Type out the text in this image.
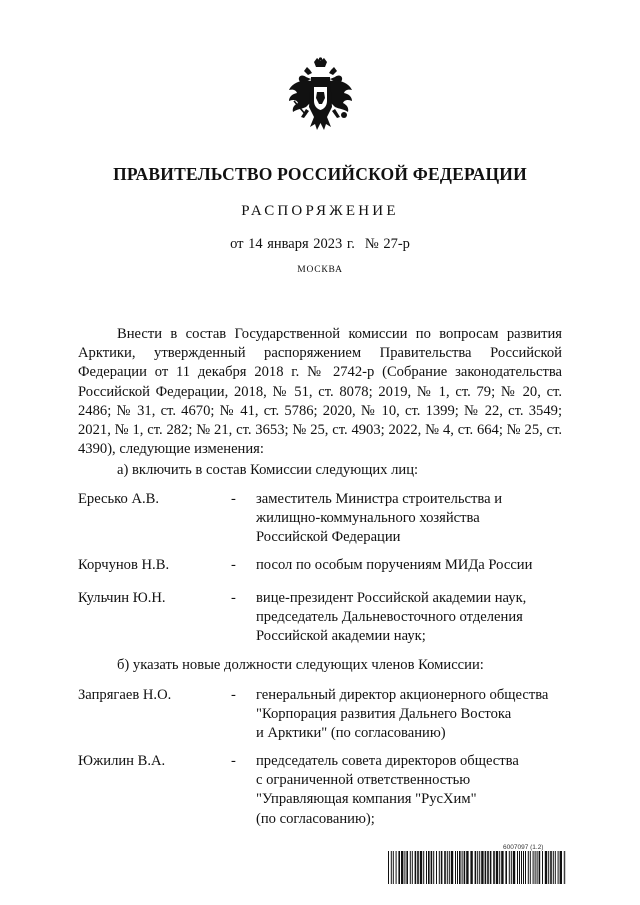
ПРАВИТЕЛЬСТВО РОССИЙСКОЙ ФЕДЕРАЦИИ
РАСПОРЯЖЕНИЕ
от 14 января 2023 г. № 27-р
МОСКВА

Внести в состав Государственной комиссии по вопросам развития Арктики, утвержденный распоряжением Правительства Российской Федерации от 11 декабря 2018 г. № 2742-р (Собрание законодательства Российской Федерации, 2018, № 51, ст. 8078; 2019, № 1, ст. 79; № 20, ст. 2486; № 31, ст. 4670; № 41, ст. 5786; 2020, № 10, ст. 1399; № 22, ст. 3549; 2021, № 1, ст. 282; № 21, ст. 3653; № 25, ст. 4903; 2022, № 4, ст. 664; № 25, ст. 4390), следующие изменения:

а) включить в состав Комиссии следующих лиц:
Ересько А.В.	- заместитель Министра строительства и
жилищно-коммунального хозяйства
Российской Федерации
Корчунов Н.В.	- посол по особым поручениям МИДа России
Кульчин Ю.Н.	- вице-президент Российской академии наук,
председатель Дальневосточного отделения
Российской академии наук;
б) указать новые должности следующих членов Комиссии:
Запрягаев Н.О.	- генеральный директор акционерного общества
"Корпорация развития Дальнего Востока
и Арктики" (по согласованию)
Южилин В.А.	- председатель совета директоров общества
с ограниченной ответственностью
"Управляющая компания "РусХим"
(по согласованию);
6007097 (1.2)
